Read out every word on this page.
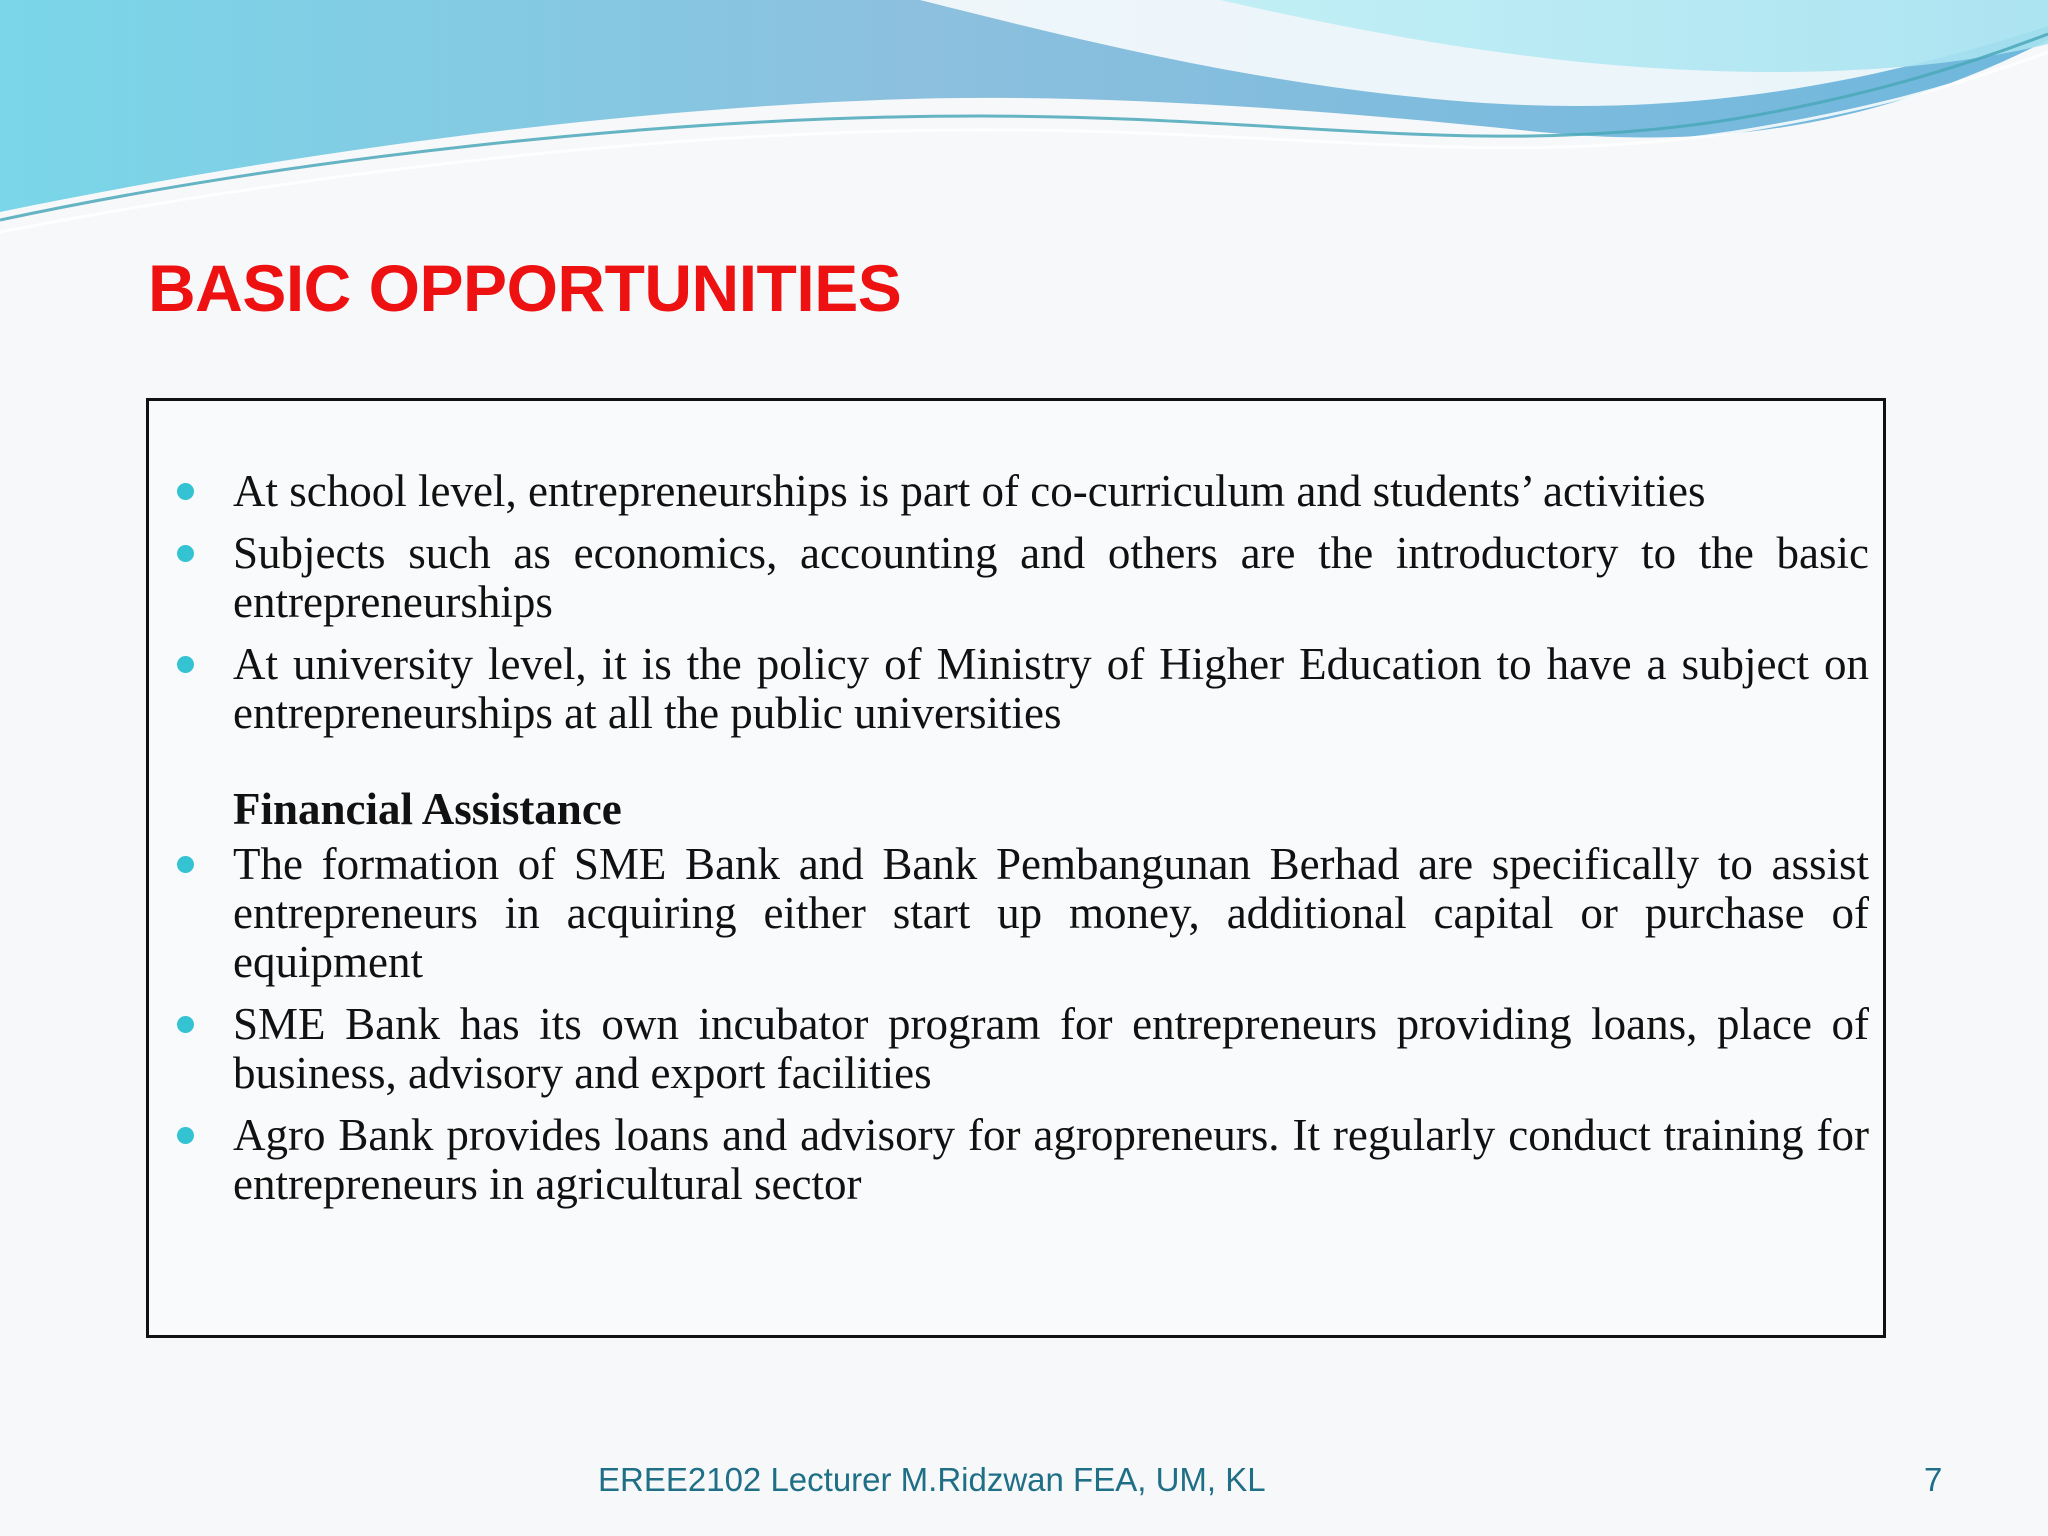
BASIC OPPORTUNITIES
At school level, entrepreneurships is part of co-curriculum and students’ activities
Subjects such as economics, accounting and others are the introductory to the basic entrepreneurships
At university level, it is the policy of Ministry of Higher Education to have a subject on entrepreneurships at all the public universities
Financial Assistance
The formation of SME Bank and Bank Pembangunan Berhad are specifically to assist entrepreneurs in acquiring either start up money, additional capital or purchase of equipment
SME Bank has its own incubator program for entrepreneurs providing loans, place of business, advisory and export facilities
Agro Bank provides loans and advisory for agropreneurs. It regularly conduct training for entrepreneurs in agricultural sector
EREE2102 Lecturer M.Ridzwan FEA, UM, KL	7
